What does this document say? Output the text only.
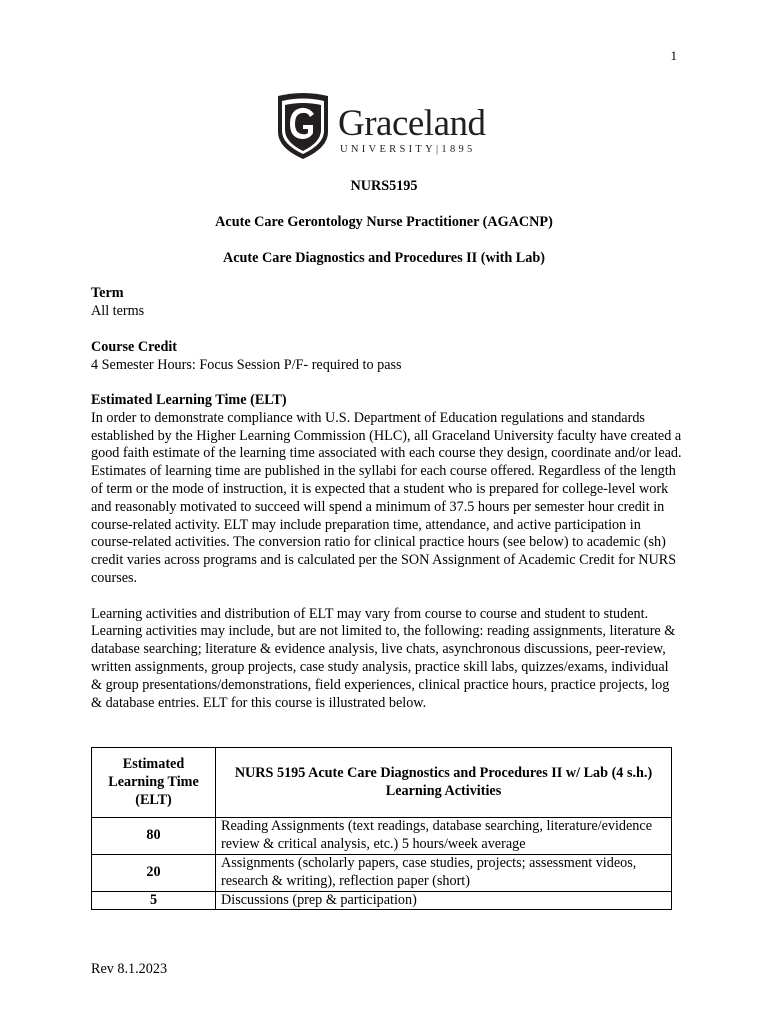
1
Graceland
UNIVERSITY|1895
NURS5195
Acute Care Gerontology Nurse Practitioner (AGACNP)
Acute Care Diagnostics and Procedures II (with Lab)
Term
All terms
Course Credit
4 Semester Hours: Focus Session P/F- required to pass
Estimated Learning Time (ELT)

In order to demonstrate compliance with U.S. Department of Education regulations and standards established by the Higher Learning Commission (HLC), all Graceland University faculty have created a good faith estimate of the learning time associated with each course they design, coordinate and/or lead. Estimates of learning time are published in the syllabi for each course offered. Regardless of the length of term or the mode of instruction, it is expected that a student who is prepared for college-level work and reasonably motivated to succeed will spend a minimum of 37.5 hours per semester hour credit in course-related activity. ELT may include preparation time, attendance, and active participation in course-related activities. The conversion ratio for clinical practice hours (see below) to academic (sh) credit varies across programs and is calculated per the SON Assignment of Academic Credit for NURS courses.

Learning activities and distribution of ELT may vary from course to course and student to student. Learning activities may include, but are not limited to, the following: reading assignments, literature & database searching; literature & evidence analysis, live chats, asynchronous discussions, peer-review, written assignments, group projects, case study analysis, practice skill labs, quizzes/exams, individual & group presentations/demonstrations, field experiences, clinical practice hours, practice projects, log & database entries. ELT for this course is illustrated below.

Estimated Learning Time (ELT)	NURS 5195 Acute Care Diagnostics and Procedures II w/ Lab (4 s.h.)
Learning Activities

80	Reading Assignments (text readings, database searching, literature/evidence review & critical analysis, etc.) 5 hours/week average
20	Assignments (scholarly papers, case studies, projects; assessment videos, research & writing), reflection paper (short)
5	Discussions (prep & participation)
Rev 8.1.2023
